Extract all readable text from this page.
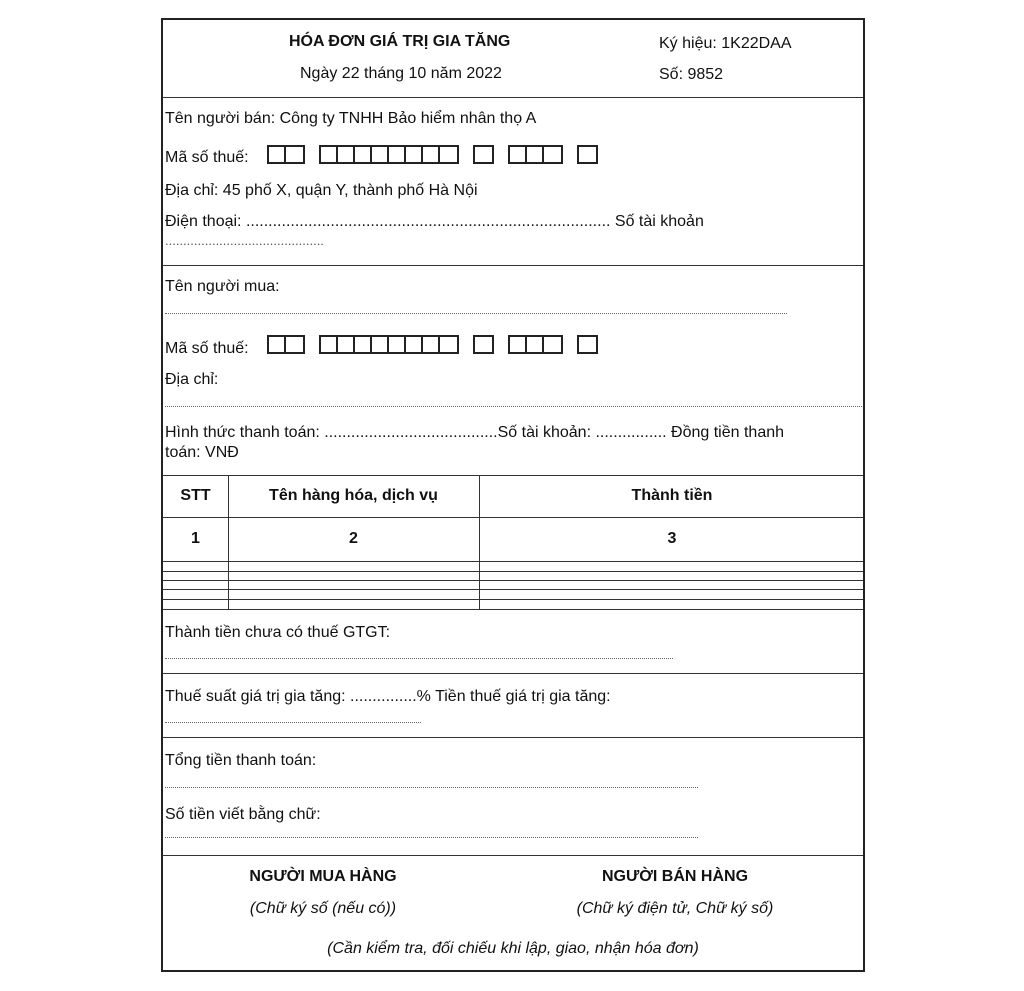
HÓA ĐƠN GIÁ TRỊ GIA TĂNG
Ngày 22 tháng 10 năm 2022
Ký hiệu: 1K22DAA
Số: 9852
Tên người bán: Công ty TNHH Bảo hiểm nhân thọ A
Mã số thuế:
Địa chỉ: 45 phố X, quận Y, thành phố Hà Nội
Điện thoại: .................................................................................. Số tài khoản
............................................
Tên người mua:
Mã số thuế:
Địa chỉ:
Hình thức thanh toán: .......................................Số tài khoản: ................ Đồng tiền thanh
toán: VNĐ
STT	Tên hàng hóa, dịch vụ	Thành tiền
1	2	3
Thành tiền chưa có thuế GTGT:
Thuế suất giá trị gia tăng: ...............% Tiền thuế giá trị gia tăng:
Tổng tiền thanh toán:
Số tiền viết bằng chữ:
NGƯỜI MUA HÀNG
(Chữ ký số (nếu có))
NGƯỜI BÁN HÀNG
(Chữ ký điện tử, Chữ ký số)
(Cần kiểm tra, đối chiếu khi lập, giao, nhận hóa đơn)
